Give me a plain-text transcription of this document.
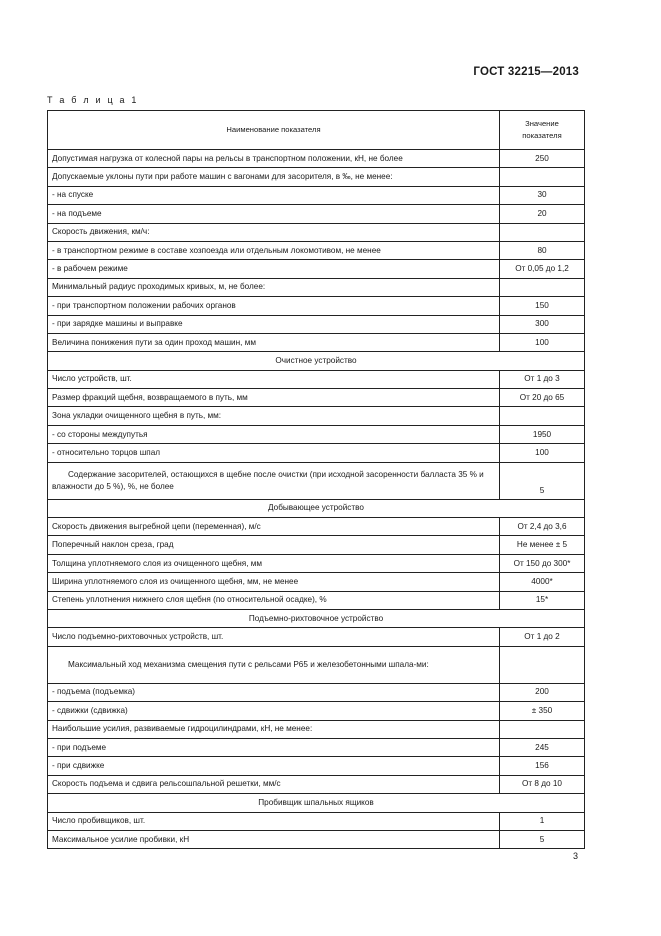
ГОСТ 32215—2013
Т а б л и ц а 1
Наименование показателя	Значение
показателя
Допустимая нагрузка от колесной пары на рельсы в транспортном положении, кН, не более	250
Допускаемые уклоны пути при работе машин с вагонами для засорителя, в ‰, не менее:	
- на спуске	30
- на подъеме	20
Скорость движения, км/ч:	
- в транспортном режиме в составе хозпоезда или отдельным локомотивом, не менее	80
- в рабочем режиме	От 0,05 до 1,2
Минимальный радиус проходимых кривых, м, не более:	
- при транспортном положении рабочих органов	150
- при зарядке машины и выправке	300
Величина понижения пути за один проход машин, мм	100
Очистное устройство	
Число устройств, шт.	От 1 до 3
Размер фракций щебня, возвращаемого в путь, мм	От 20 до 65
Зона укладки очищенного щебня в путь, мм:	
- со стороны междупутья	1950
- относительно торцов шпал	100
Содержание засорителей, остающихся в щебне после очистки (при исходной засоренности балласта 35 % и влажности до 5 %), %, не более	5
Добывающее устройство	
Скорость движения выгребной цепи (переменная), м/с	От 2,4 до 3,6
Поперечный наклон среза, град	Не менее ± 5
Толщина уплотняемого слоя из очищенного щебня, мм	От 150 до 300*
Ширина уплотняемого слоя из очищенного щебня, мм, не менее	4000*
Степень уплотнения нижнего слоя щебня (по относительной осадке), %	15*
Подъемно-рихтовочное устройство	
Число подъемно-рихтовочных устройств, шт.	От 1 до 2
Максимальный ход механизма смещения пути с рельсами Р65 и железобетонными шпала-ми:	
- подъема (подъемка)	200
- сдвижки (сдвижка)	± 350
Наибольшие усилия, развиваемые гидроцилиндрами, кН, не менее:	
- при подъеме	245
- при сдвижке	156
Скорость подъема и сдвига рельсошпальной решетки, мм/с	От 8 до 10
Пробивщик шпальных ящиков	
Число пробивщиков, шт.	1
Максимальное усилие пробивки, кН	5
3
